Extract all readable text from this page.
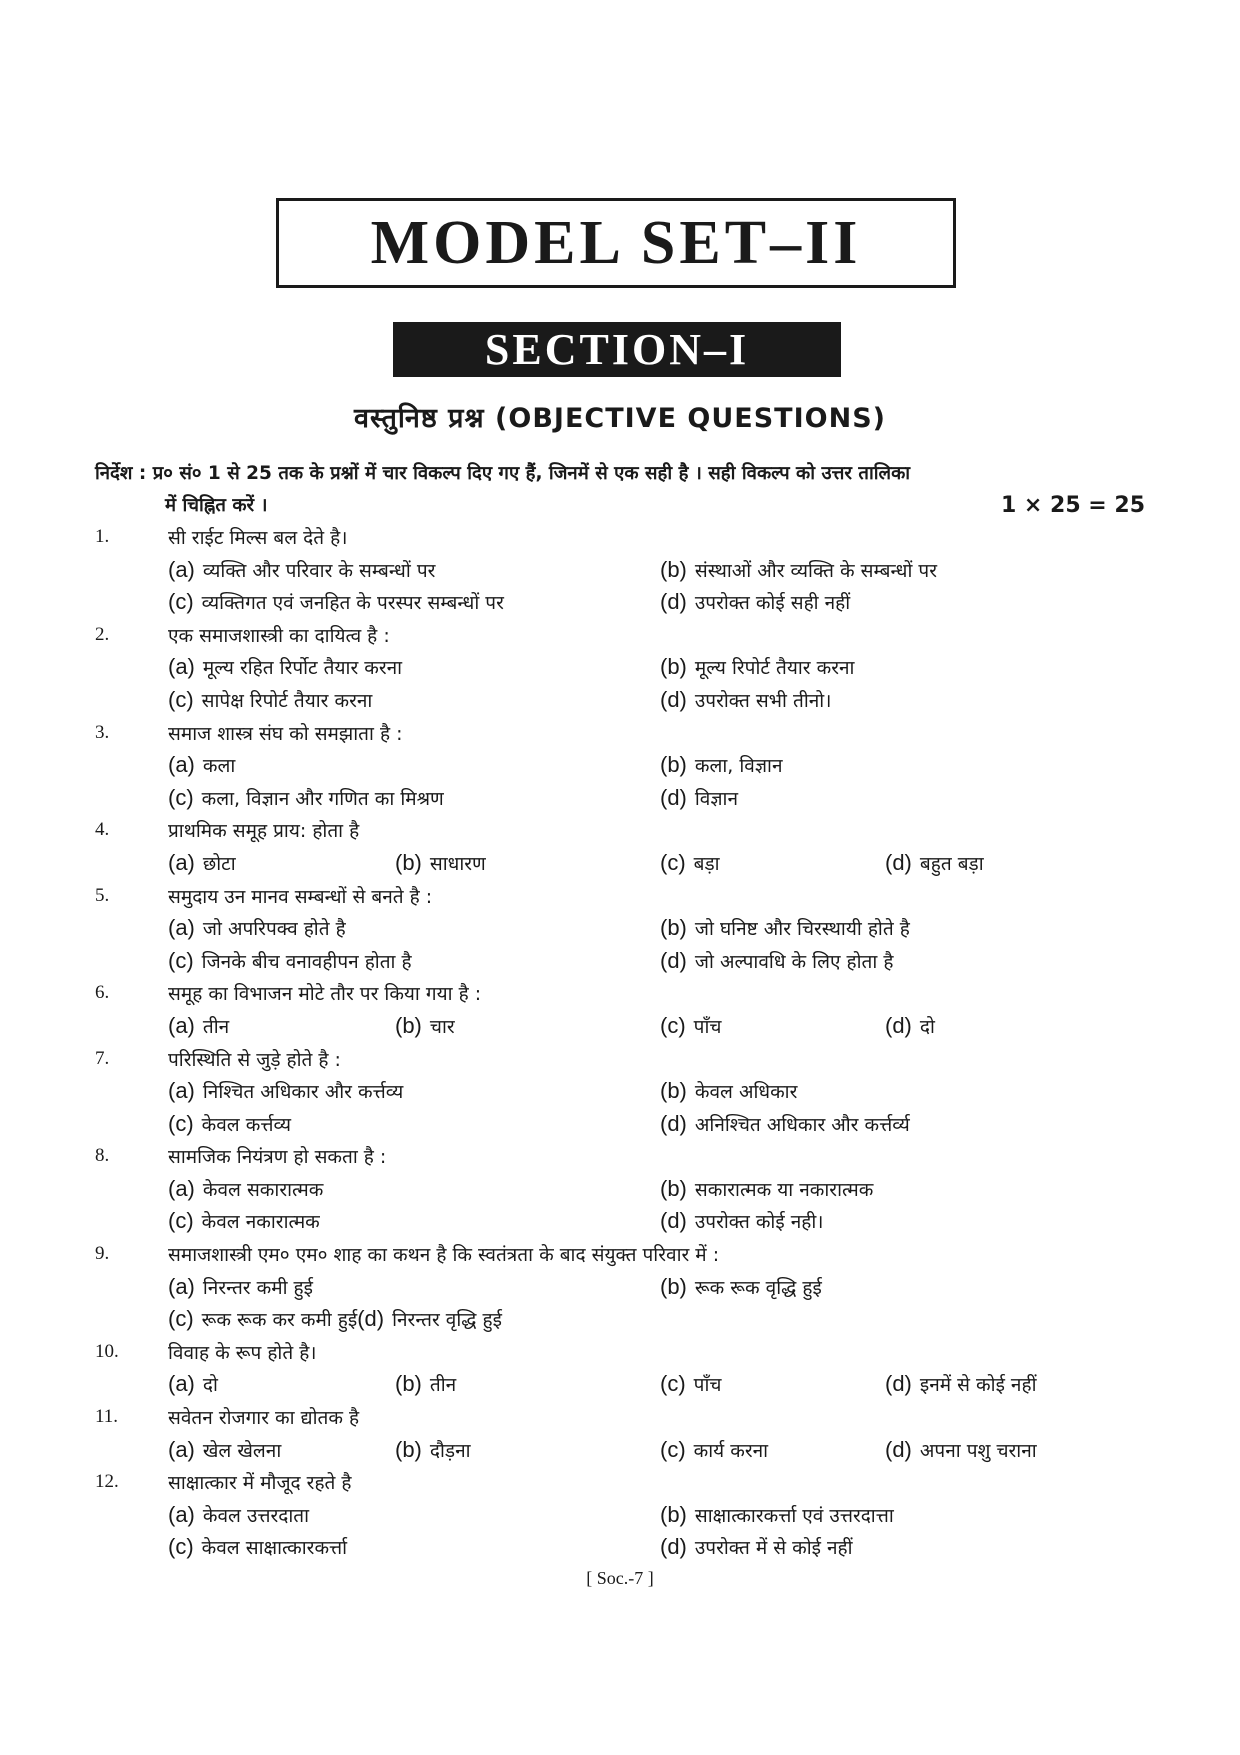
MODEL SET–II
SECTION–I
वस्तुनिष्ठ प्रश्न (OBJECTIVE QUESTIONS)
निर्देश : प्र० सं० 1 से 25 तक के प्रश्नों में चार विकल्प दिए गए हैं, जिनमें से एक सही है । सही विकल्प को उत्तर तालिका
में चिह्नित करें ।	1 × 25 = 25
1.	सी राईट मिल्स बल देते है।
(a) व्यक्ति और परिवार के सम्बन्धों पर	(b) संस्थाओं और व्यक्ति के सम्बन्धों पर
(c) व्यक्तिगत एवं जनहित के परस्पर सम्बन्धों पर	(d) उपरोक्त कोई सही नहीं
2.	एक समाजशास्त्री का दायित्व है :
(a) मूल्य रहित रिर्पोट तैयार करना	(b) मूल्य रिपोर्ट तैयार करना
(c) सापेक्ष रिपोर्ट तैयार करना	(d) उपरोक्त सभी तीनो।
3.	समाज शास्त्र संघ को समझाता है :
(a) कला	(b) कला, विज्ञान
(c) कला, विज्ञान और गणित का मिश्रण	(d) विज्ञान
4.	प्राथमिक समूह प्राय: होता है
(a) छोटा	(b) साधारण	(c) बड़ा	(d) बहुत बड़ा
5.	समुदाय उन मानव सम्बन्धों से बनते है :
(a) जो अपरिपक्व होते है	(b) जो घनिष्ट और चिरस्थायी होते है
(c) जिनके बीच वनावहीपन होता है	(d) जो अल्पावधि के लिए होता है
6.	समूह का विभाजन मोटे तौर पर किया गया है :
(a) तीन	(b) चार	(c) पाँच	(d) दो
7.	परिस्थिति से जुड़े होते है :
(a) निश्चित अधिकार और कर्त्तव्य	(b) केवल अधिकार
(c) केवल कर्त्तव्य	(d) अनिश्चित अधिकार और कर्त्तर्व्य
8.	सामजिक नियंत्रण हो सकता है :
(a) केवल सकारात्मक	(b) सकारात्मक या नकारात्मक
(c) केवल नकारात्मक	(d) उपरोक्त कोई नही।
9.	समाजशास्त्री एम० एम० शाह का कथन है कि स्वतंत्रता के बाद संयुक्त परिवार में :
(a) निरन्तर कमी हुई	(b) रूक रूक वृद्धि हुई
(c) रूक रूक कर कमी हुई(d) निरन्तर वृद्धि हुई
10.	विवाह के रूप होते है।
(a) दो	(b) तीन	(c) पाँच	(d) इनमें से कोई नहीं
11.	सवेतन रोजगार का द्योतक है
(a) खेल खेलना	(b) दौड़ना	(c) कार्य करना	(d) अपना पशु चराना
12.	साक्षात्कार में मौजूद रहते है
(a) केवल उत्तरदाता	(b) साक्षात्कारकर्त्ता एवं उत्तरदात्ता
(c) केवल साक्षात्कारकर्त्ता	(d) उपरोक्त में से कोई नहीं
[ Soc.-7 ]
